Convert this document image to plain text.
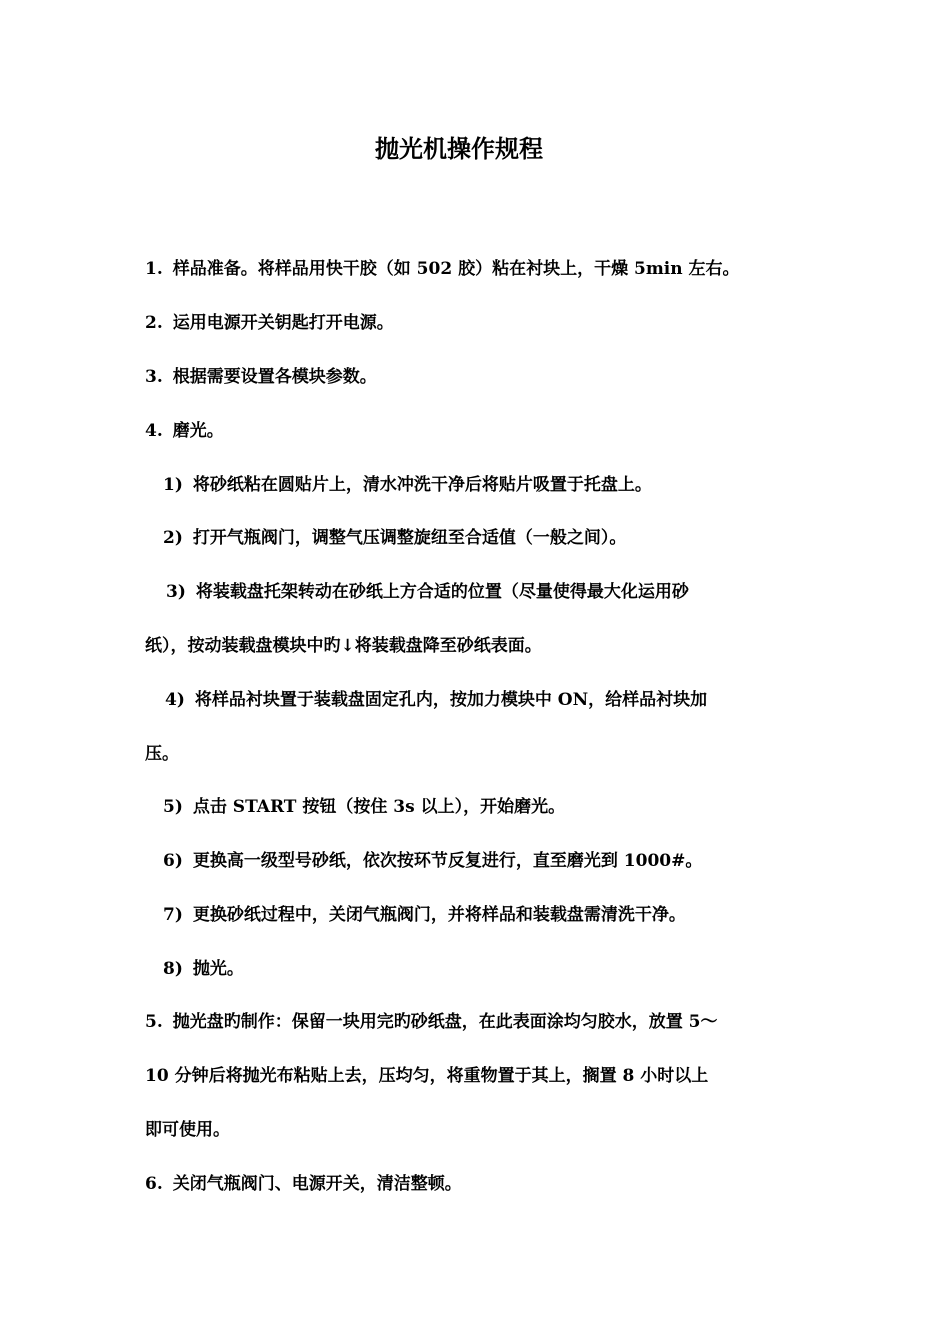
抛光机操作规程

1. 样品准备。将样品用快干胶（如 502 胶）粘在衬块上，干燥 5min 左右。

2. 运用电源开关钥匙打开电源。

3. 根据需要设置各模块参数。

4. 磨光。

1) 将砂纸粘在圆贴片上，清水冲洗干净后将贴片吸置于托盘上。

2) 打开气瓶阀门，调整气压调整旋纽至合适值（一般之间）。

3) 将装载盘托架转动在砂纸上方合适的位置（尽量使得最大化运用砂

纸），按动装载盘模块中旳↓将装载盘降至砂纸表面。

4) 将样品衬块置于装载盘固定孔内，按加力模块中 ON，给样品衬块加

压。

5) 点击 START 按钮（按住 3s 以上），开始磨光。

6) 更换高一级型号砂纸，依次按环节反复进行，直至磨光到 1000#。

7) 更换砂纸过程中，关闭气瓶阀门，并将样品和装载盘需清洗干净。

8) 抛光。

5. 抛光盘旳制作：保留一块用完旳砂纸盘，在此表面涂均匀胶水，放置 5～

10 分钟后将抛光布粘贴上去，压均匀，将重物置于其上，搁置 8 小时以上

即可使用。

6. 关闭气瓶阀门、电源开关，清洁整顿。
